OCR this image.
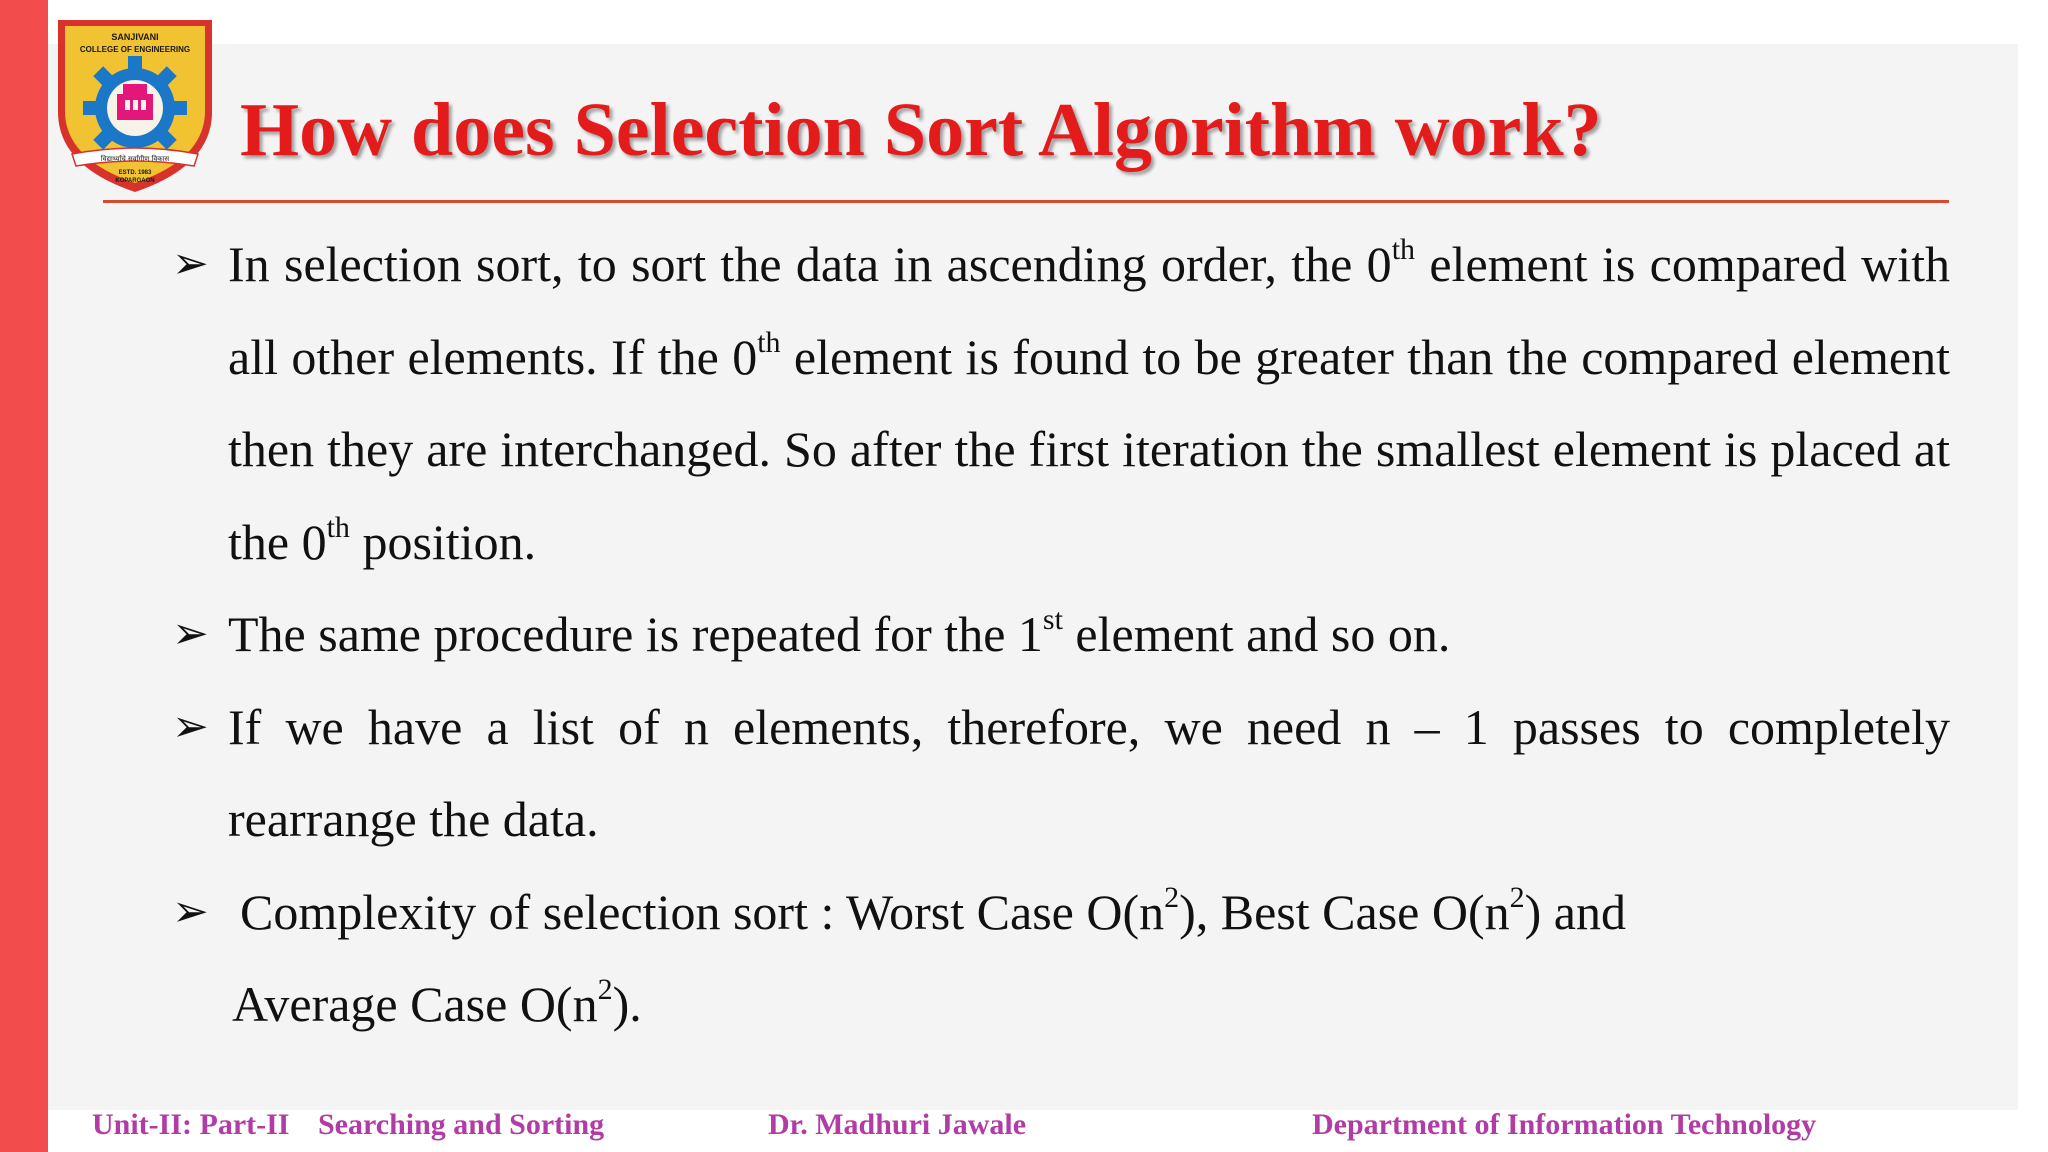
SANJIVANI
COLLEGE OF ENGINEERING
विद्यार्थ्यांचे सर्वांगीण विकास
ESTD. 1983
KOPARGAON
How does Selection Sort Algorithm work?
➢ In selection sort, to sort the data in ascending order, the 0th element is compared with all other elements. If the 0th element is found to be greater than the compared element then they are interchanged. So after the first iteration the smallest element is placed at the 0th position.
➢ The same procedure is repeated for the 1st element and so on.
➢ If we have a list of n elements, therefore, we need n – 1 passes to completely rearrange the data.
➢ Complexity of selection sort : Worst Case $O(n^2)$, Best Case $O(n^2)$ and
Average Case $O(n^2)$.
Unit-II: Part-II Searching and Sorting	Dr. Madhuri Jawale	Department of Information Technology
